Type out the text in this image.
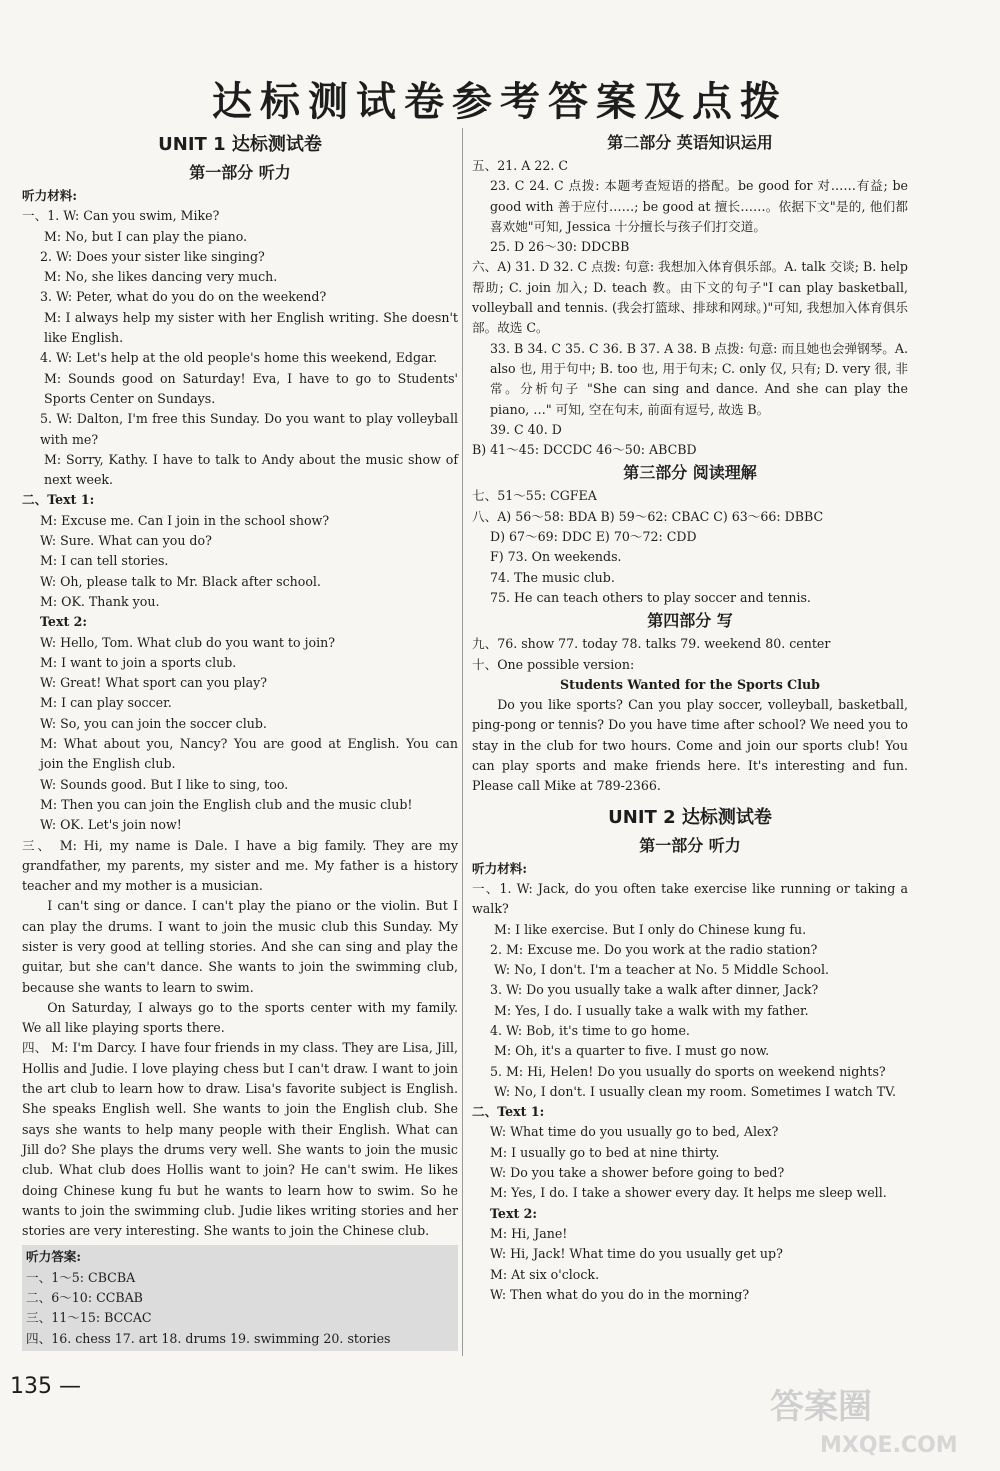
达标测试卷参考答案及点拨
UNIT 1 达标测试卷
第一部分 听力
听力材料:
一、1. W: Can you swim, Mike?
M: No, but I can play the piano.
2. W: Does your sister like singing?
M: No, she likes dancing very much.
3. W: Peter, what do you do on the weekend?
M: I always help my sister with her English writing. She doesn't like English.
4. W: Let's help at the old people's home this weekend, Edgar.
M: Sounds good on Saturday! Eva, I have to go to Students' Sports Center on Sundays.
5. W: Dalton, I'm free this Sunday. Do you want to play volleyball with me?
M: Sorry, Kathy. I have to talk to Andy about the music show of next week.
二、Text 1:
M: Excuse me. Can I join in the school show?
W: Sure. What can you do?
M: I can tell stories.
W: Oh, please talk to Mr. Black after school.
M: OK. Thank you.
Text 2:
W: Hello, Tom. What club do you want to join?
M: I want to join a sports club.
W: Great! What sport can you play?
M: I can play soccer.
W: So, you can join the soccer club.
M: What about you, Nancy? You are good at English. You can join the English club.
W: Sounds good. But I like to sing, too.
M: Then you can join the English club and the music club!
W: OK. Let's join now!
三、 M: Hi, my name is Dale. I have a big family. They are my grandfather, my parents, my sister and me. My father is a history teacher and my mother is a musician.
I can't sing or dance. I can't play the piano or the violin. But I can play the drums. I want to join the music club this Sunday. My sister is very good at telling stories. And she can sing and play the guitar, but she can't dance. She wants to join the swimming club, because she wants to learn to swim.
On Saturday, I always go to the sports center with my family. We all like playing sports there.
四、 M: I'm Darcy. I have four friends in my class. They are Lisa, Jill, Hollis and Judie. I love playing chess but I can't draw. I want to join the art club to learn how to draw. Lisa's favorite subject is English. She speaks English well. She wants to join the English club. She says she wants to help many people with their English. What can Jill do? She plays the drums very well. She wants to join the music club. What club does Hollis want to join? He can't swim. He likes doing Chinese kung fu but he wants to learn how to swim. So he wants to join the swimming club. Judie likes writing stories and her stories are very interesting. She wants to join the Chinese club.
听力答案:
一、1～5: CBCBA
二、6～10: CCBAB
三、11～15: BCCAC
四、16. chess 17. art 18. drums 19. swimming 20. stories
第二部分 英语知识运用
五、21. A 22. C
23. C 24. C 点拨: 本题考查短语的搭配。be good for 对……有益; be good with 善于应付……; be good at 擅长……。依据下文"是的, 他们都喜欢她"可知, Jessica 十分擅长与孩子们打交道。
25. D 26～30: DDCBB
六、A) 31. D 32. C 点拨: 句意: 我想加入体育俱乐部。A. talk 交谈; B. help 帮助; C. join 加入; D. teach 教。由下文的句子"I can play basketball, volleyball and tennis. (我会打篮球、排球和网球。)"可知, 我想加入体育俱乐部。故选 C。
33. B 34. C 35. C 36. B 37. A 38. B 点拨: 句意: 而且她也会弹钢琴。A. also 也, 用于句中; B. too 也, 用于句末; C. only 仅, 只有; D. very 很, 非常。分析句子 "She can sing and dance. And she can play the piano, …" 可知, 空在句末, 前面有逗号, 故选 B。
39. C 40. D
B) 41～45: DCCDC 46～50: ABCBD
第三部分 阅读理解
七、51～55: CGFEA
八、A) 56～58: BDA B) 59～62: CBAC C) 63～66: DBBC
D) 67～69: DDC E) 70～72: CDD
F) 73. On weekends.
74. The music club.
75. He can teach others to play soccer and tennis.
第四部分 写
九、76. show 77. today 78. talks 79. weekend 80. center
十、One possible version:
Students Wanted for the Sports Club
Do you like sports? Can you play soccer, volleyball, basketball, ping-pong or tennis? Do you have time after school? We need you to stay in the club for two hours. Come and join our sports club! You can play sports and make friends here. It's interesting and fun. Please call Mike at 789-2366.
UNIT 2 达标测试卷
第一部分 听力
听力材料:
一、1. W: Jack, do you often take exercise like running or taking a walk?
M: I like exercise. But I only do Chinese kung fu.
2. M: Excuse me. Do you work at the radio station?
W: No, I don't. I'm a teacher at No. 5 Middle School.
3. W: Do you usually take a walk after dinner, Jack?
M: Yes, I do. I usually take a walk with my father.
4. W: Bob, it's time to go home.
M: Oh, it's a quarter to five. I must go now.
5. M: Hi, Helen! Do you usually do sports on weekend nights?
W: No, I don't. I usually clean my room. Sometimes I watch TV.
二、Text 1:
W: What time do you usually go to bed, Alex?
M: I usually go to bed at nine thirty.
W: Do you take a shower before going to bed?
M: Yes, I do. I take a shower every day. It helps me sleep well.
Text 2:
M: Hi, Jane!
W: Hi, Jack! What time do you usually get up?
M: At six o'clock.
W: Then what do you do in the morning?
135 —
答案圈
MXQE.COM
